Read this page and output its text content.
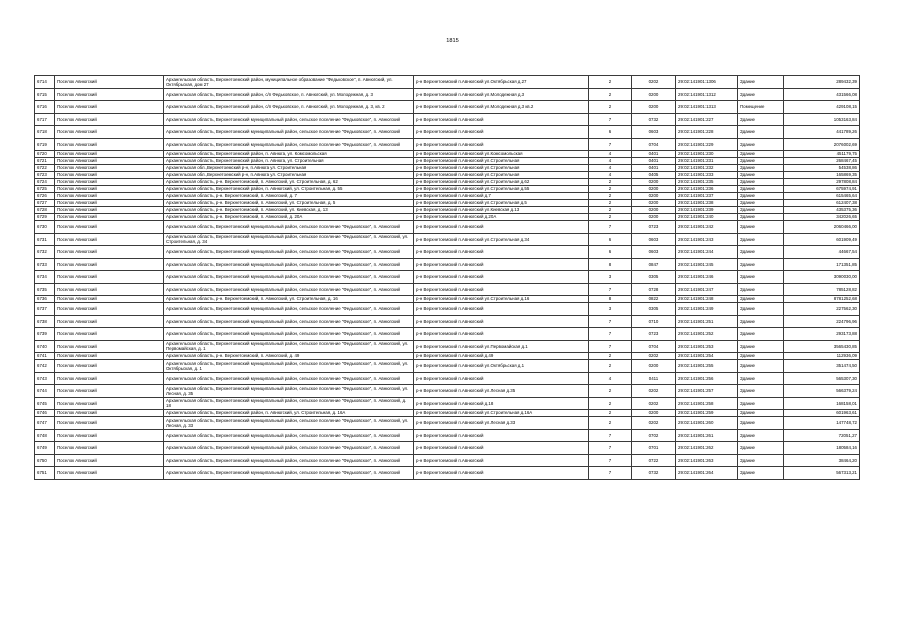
1815
6714	Поселок Авнюгский	Архангельская область, Верхнетоемский район, муниципальное образование "Федьковское", п. Авнюгский, ул. Октябрьская, дом 27	р-н Верхнетоемский п.Авнюгский ул.Октябрьская д.27	2	0202	29:02:141901:1306	Здание	289432,39
6715	Поселок Авнюгский	Архангельская область, Верхнетоемский район, с/п Федьковское, п. Авнюгский, ул. Молодежная, д. 3	р-н Верхнетоемский п.Авнюгский ул.Молодежная д.3	2	0200	29:02:141901:1312	Здание	431566,08
6716	Поселок Авнюгский	Архангельская область, Верхнетоемский район, с/п Федьковское, п. Авнюгский, ул. Молодежная, д. 3, кв. 2	р-н Верхнетоемский п.Авнюгский ул.Молодежная д.3 кв.2	2	0200	29:02:141901:1313	Помещение	429108,15
6717	Поселок Авнюгский	Архангельская область, Верхнетоемский муниципальный район, сельское поселение "Федьковское", п. Авнюгский	р-н Верхнетоемский п.Авнюгский	7	0732	29:02:141901:227	Здание	1053163,84
6718	Поселок Авнюгский	Архангельская область, Верхнетоемский муниципальный район, сельское поселение "Федьковское", п. Авнюгский	р-н Верхнетоемский п.Авнюгский	6	0603	29:02:141901:228	Здание	441789,26
6719	Поселок Авнюгский	Архангельская область, Верхнетоемский муниципальный район, сельское поселение "Федьковское", п. Авнюгский	р-н Верхнетоемский п.Авнюгский	7	0704	29:02:141901:229	Здание	2076002,69
6720	Поселок Авнюгский	Архангельская область, Верхнетоемский район, п. Авнюга, ул. Комсомольская	р-н Верхнетоемский п.Авнюгский ул.Комсомольская	4	0401	29:02:141901:230	Здание	451179,75
6721	Поселок Авнюгский	Архангельская область, Верхнетоемский район, п. Авнюга, ул. Строительная	р-н Верхнетоемский п.Авнюгский ул.Строительная	4	0401	29:02:141901:231	Здание	268467,45
6722	Поселок Авнюгский	Архангельская обл.,Верхнетоемский р-н, п.Авнюга ул. Строительная	р-н Верхнетоемский п.Авнюгский ул.Строительная	4	0401	29:02:141901:232	Здание	54538,86
6723	Поселок Авнюгский	Архангельская обл.,Верхнетоемский р-н, п.Авнюга ул. Строительная	р-н Верхнетоемский п.Авнюгский ул.Строительная	4	0405	29:02:141901:233	Здание	165869,35
6724	Поселок Авнюгский	Архангельская область, р-н. Верхнетоемский, п. Авнюгский, ул. Строительная, д. 62	р-н Верхнетоемский п.Авнюгский ул.Строительная д.62	2	0200	29:02:141901:235	Здание	297808,84
6725	Поселок Авнюгский	Архангельская область, Верхнетоемский район, п. Авнюгский, ул. Строительная, д. 55	р-н Верхнетоемский п.Авнюгский ул.Строительная д.55	2	0200	29:02:141901:236	Здание	675974,91
6726	Поселок Авнюгский	Архангельская область, р-н. Верхнетоемский, п. Авнюгский, д. 7	р-н Верхнетоемский п.Авнюгский д.7	2	0200	29:02:141901:237	Здание	615465,64
6727	Поселок Авнюгский	Архангельская область, р-н. Верхнетоемский, п. Авнюгский, ул. Строительная, д. 5	р-н Верхнетоемский п.Авнюгский ул.Строительная д.5	2	0200	29:02:141901:238	Здание	612407,38
6728	Поселок Авнюгский	Архангельская область, р-н. Верхнетоемский, п. Авнюгский, ул. Киевская, д. 13	р-н Верхнетоемский п.Авнюгский ул.Киевская д.13	2	0200	29:02:141901:239	Здание	435375,36
6729	Поселок Авнюгский	Архангельская область, р-н. Верхнетоемский, п. Авнюгский, д. 20А	р-н Верхнетоемский п.Авнюгский д.20А	2	0200	29:02:141901:240	Здание	342026,65
6730	Поселок Авнюгский	Архангельская область, Верхнетоемский муниципальный район, сельское поселение "Федьковское", п. Авнюгский	р-н Верхнетоемский п.Авнюгский	7	0723	29:02:141901:242	Здание	2060466,00
6731	Поселок Авнюгский	Архангельская область, Верхнетоемский муниципальный район, сельское поселение "Федьковское", п. Авнюгский, ул. Строительная, д. 34	р-н Верхнетоемский п.Авнюгский ул.Строительная д.34	6	0603	29:02:141901:243	Здание	601909,49
6732	Поселок Авнюгский	Архангельская область, Верхнетоемский муниципальный район, сельское поселение "Федьковское", п. Авнюгский	р-н Верхнетоемский п.Авнюгский	6	0603	29:02:141901:244	Здание	44667,54
6733	Поселок Авнюгский	Архангельская область, Верхнетоемский муниципальный район, сельское поселение "Федьковское", п. Авнюгский	р-н Верхнетоемский п.Авнюгский	8	0847	29:02:141901:245	Здание	171351,85
6734	Поселок Авнюгский	Архангельская область, Верхнетоемский муниципальный район, сельское поселение "Федьковское", п. Авнюгский	р-н Верхнетоемский п.Авнюгский	3	0305	29:02:141901:246	Здание	3090030,00
6735	Поселок Авнюгский	Архангельская область, Верхнетоемский муниципальный район, сельское поселение "Федьковское", п. Авнюгский	р-н Верхнетоемский п.Авнюгский	7	0728	29:02:141901:247	Здание	785128,82
6736	Поселок Авнюгский	Архангельская область, р-н. Верхнетоемский, п. Авнюгский, ул. Строительная, д. 16	р-н Верхнетоемский п.Авнюгский ул.Строительная д.16	8	0822	29:02:141901:248	Здание	8781252,68
6737	Поселок Авнюгский	Архангельская область, Верхнетоемский муниципальный район, сельское поселение "Федьковское", п. Авнюгский	р-н Верхнетоемский п.Авнюгский	3	0305	29:02:141901:249	Здание	227562,30
6738	Поселок Авнюгский	Архангельская область, Верхнетоемский муниципальный район, сельское поселение "Федьковское", п. Авнюгский	р-н Верхнетоемский п.Авнюгский	7	0710	29:02:141901:251	Здание	224796,96
6739	Поселок Авнюгский	Архангельская область, Верхнетоемский муниципальный район, сельское поселение "Федьковское", п. Авнюгский	р-н Верхнетоемский п.Авнюгский	7	0723	29:02:141901:252	Здание	293173,88
6740	Поселок Авнюгский	Архангельская область, Верхнетоемский муниципальный район, сельское поселение "Федьковское", п. Авнюгский, ул. Первомайская, д. 1	р-н Верхнетоемский п.Авнюгский ул.Первомайская д.1	7	0704	29:02:141901:253	Здание	3565430,85
6741	Поселок Авнюгский	Архангельская область, р-н. Верхнетоемский, п. Авнюгский, д. 49	р-н Верхнетоемский п.Авнюгский д.49	2	0202	29:02:141901:254	Здание	112936,09
6742	Поселок Авнюгский	Архангельская область, Верхнетоемский муниципальный район, сельское поселение "Федьковское", п. Авнюгский, ул. Октябрьская, д. 1	р-н Верхнетоемский п.Авнюгский ул.Октябрьская д.1	2	0200	29:02:141901:255	Здание	351474,50
6743	Поселок Авнюгский	Архангельская область, Верхнетоемский муниципальный район, сельское поселение "Федьковское", п. Авнюгский	р-н Верхнетоемский п.Авнюгский	4	0411	29:02:141901:256	Здание	565307,30
6744	Поселок Авнюгский	Архангельская область, Верхнетоемский муниципальный район, сельское поселение "Федьковское", п. Авнюгский, ул. Лесная, д. 35	р-н Верхнетоемский п.Авнюгский ул.Лесная д.35	2	0202	29:02:141901:257	Здание	566379,24
6745	Поселок Авнюгский	Архангельская область, Верхнетоемский муниципальный район, сельское поселение "Федьковское", п. Авнюгский, д. 18	р-н Верхнетоемский п.Авнюгский д.18	2	0202	29:02:141901:258	Здание	168158,01
6746	Поселок Авнюгский	Архангельская область, Верхнетоемский район, п. Авнюгский, ул. Строительная, д. 16А	р-н Верхнетоемский п.Авнюгский ул.Строительная д.16А	2	0200	29:02:141901:259	Здание	601963,61
6747	Поселок Авнюгский	Архангельская область, Верхнетоемский муниципальный район, сельское поселение "Федьковское", п. Авнюгский, ул. Лесная, д. 33	р-н Верхнетоемский п.Авнюгский ул.Лесная д.33	2	0202	29:02:141901:260	Здание	147748,72
6748	Поселок Авнюгский	Архангельская область, Верхнетоемский муниципальный район, сельское поселение "Федьковское", п. Авнюгский	р-н Верхнетоемский п.Авнюгский	7	0702	29:02:141901:261	Здание	72051,27
6749	Поселок Авнюгский	Архангельская область, Верхнетоемский муниципальный район, сельское поселение "Федьковское", п. Авнюгский	р-н Верхнетоемский п.Авнюгский	7	0701	29:02:141901:262	Здание	180584,16
6750	Поселок Авнюгский	Архангельская область, Верхнетоемский муниципальный район, сельское поселение "Федьковское", п. Авнюгский	р-н Верхнетоемский п.Авнюгский	7	0722	29:02:141901:263	Здание	38464,20
6751	Поселок Авнюгский	Архангельская область, Верхнетоемский муниципальный район, сельское поселение "Федьковское", п. Авнюгский	р-н Верхнетоемский п.Авнюгский	7	0732	29:02:141901:264	Здание	567313,21
